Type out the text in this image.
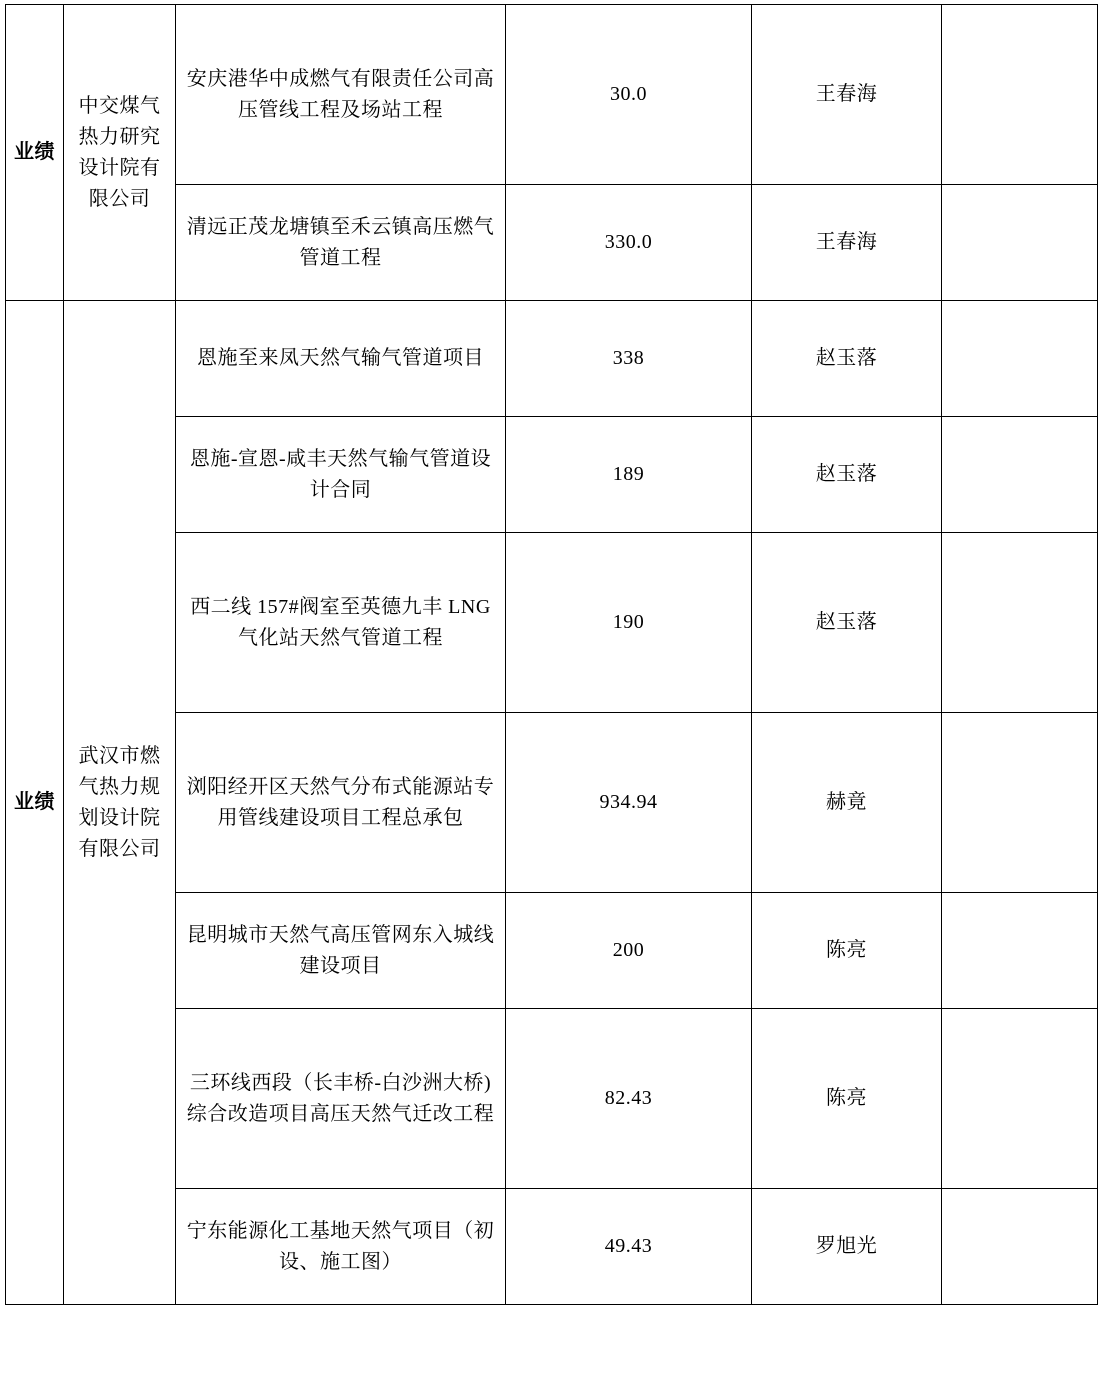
业绩	中交煤气热力研究设计院有限公司	安庆港华中成燃气有限责任公司高压管线工程及场站工程	30.0	王春海	
		清远正茂龙塘镇至禾云镇高压燃气管道工程	330.0	王春海	
业绩	武汉市燃气热力规划设计院有限公司	恩施至来凤天然气输气管道项目	338	赵玉落	
		恩施-宣恩-咸丰天然气输气管道设计合同	189	赵玉落	
		西二线 157#阀室至英德九丰 LNG 气化站天然气管道工程	190	赵玉落	
		浏阳经开区天然气分布式能源站专用管线建设项目工程总承包	934.94	赫竟	
		昆明城市天然气高压管网东入城线建设项目	200	陈亮	
		三环线西段（长丰桥-白沙洲大桥)综合改造项目高压天然气迁改工程	82.43	陈亮	
		宁东能源化工基地天然气项目（初设、施工图）	49.43	罗旭光	
